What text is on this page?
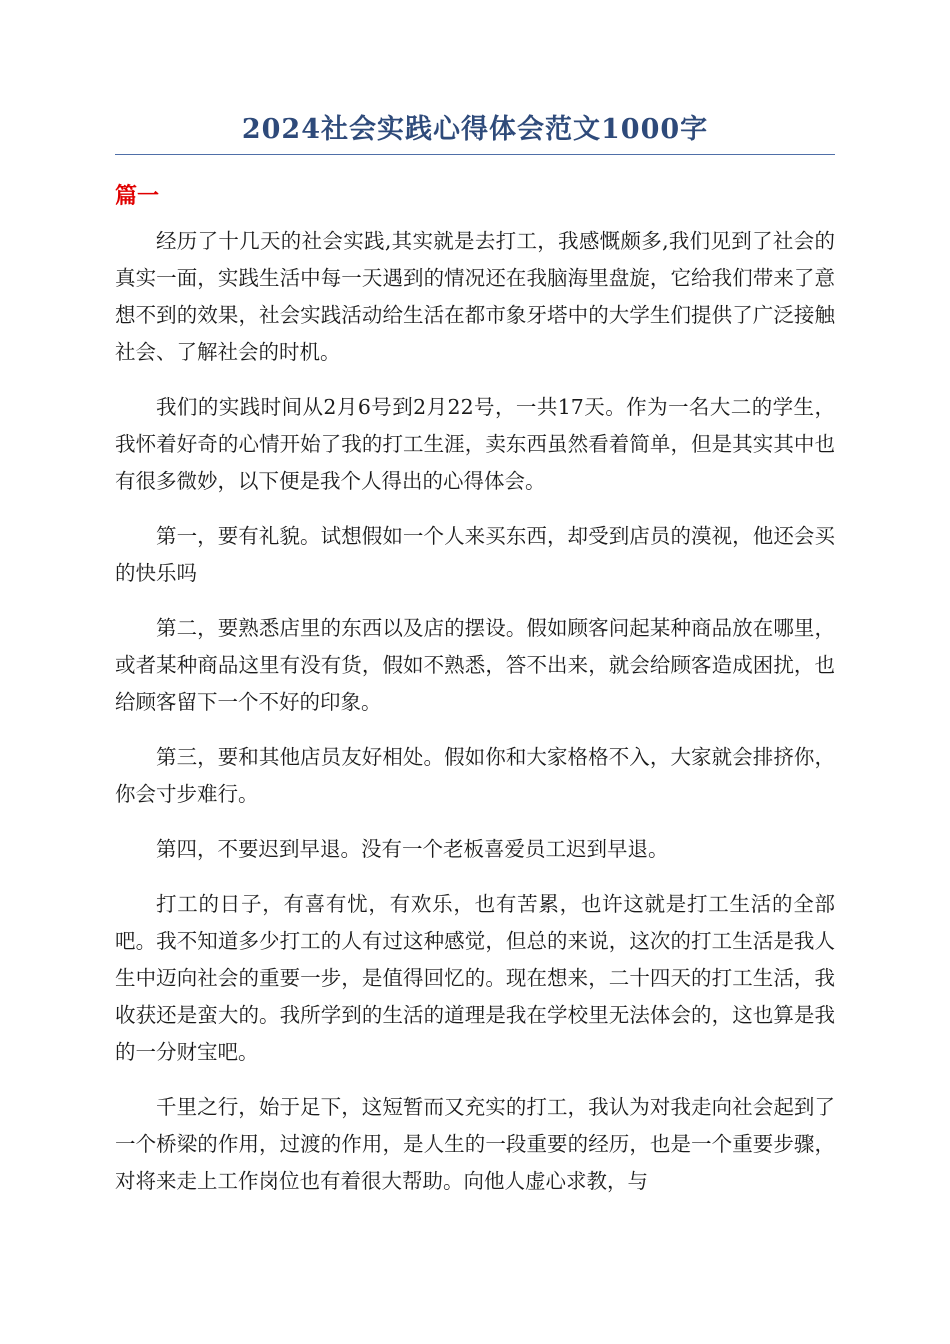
2024社会实践心得体会范文1000字
篇一

经历了十几天的社会实践,其实就是去打工，我感慨颇多,我们见到了社会的真实一面，实践生活中每一天遇到的情况还在我脑海里盘旋，它给我们带来了意想不到的效果，社会实践活动给生活在都市象牙塔中的大学生们提供了广泛接触社会、了解社会的时机。

我们的实践时间从2月6号到2月22号，一共17天。作为一名大二的学生，我怀着好奇的心情开始了我的打工生涯，卖东西虽然看着简单，但是其实其中也有很多微妙，以下便是我个人得出的心得体会。

第一，要有礼貌。试想假如一个人来买东西，却受到店员的漠视，他还会买的快乐吗

第二，要熟悉店里的东西以及店的摆设。假如顾客问起某种商品放在哪里，或者某种商品这里有没有货，假如不熟悉，答不出来，就会给顾客造成困扰，也给顾客留下一个不好的印象。

第三，要和其他店员友好相处。假如你和大家格格不入，大家就会排挤你，你会寸步难行。

第四，不要迟到早退。没有一个老板喜爱员工迟到早退。

打工的日子，有喜有忧，有欢乐，也有苦累，也许这就是打工生活的全部吧。我不知道多少打工的人有过这种感觉，但总的来说，这次的打工生活是我人生中迈向社会的重要一步，是值得回忆的。现在想来，二十四天的打工生活，我收获还是蛮大的。我所学到的生活的道理是我在学校里无法体会的，这也算是我的一分财宝吧。

千里之行，始于足下，这短暂而又充实的打工，我认为对我走向社会起到了一个桥梁的作用，过渡的作用，是人生的一段重要的经历，也是一个重要步骤，对将来走上工作岗位也有着很大帮助。向他人虚心求教，与
